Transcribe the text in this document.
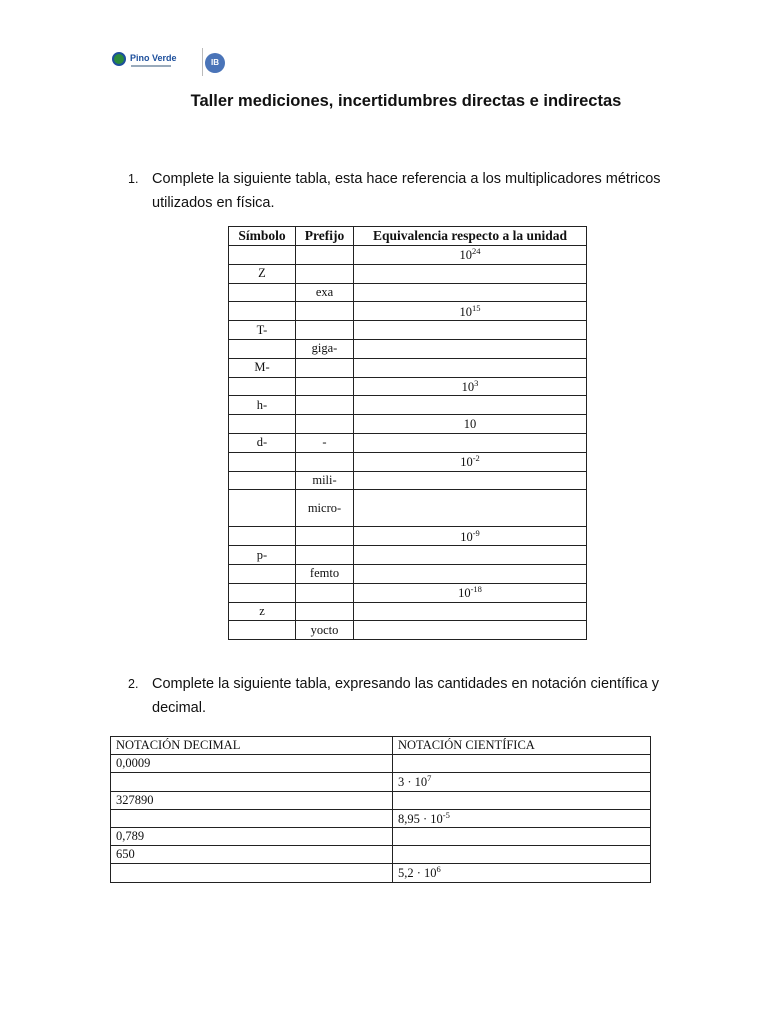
Pino Verde	IB
Taller mediciones, incertidumbres directas e indirectas
1. Complete la siguiente tabla, esta hace referencia a los multiplicadores métricos utilizados en física.
Símbolo	Prefijo	Equivalencia respecto a la unidad
		$10^{24}$
Z		
	exa	
		$10^{15}$
T-		
	giga-	
M-		
		$10^3$
h-		
		10
d-	-	
		$10^{-2}$
	mili-	
	micro-	
		$10^{-9}$
p-		
	femto	
		$10^{-18}$
z		
	yocto	
2. Complete la siguiente tabla, expresando las cantidades en notación científica y decimal.
NOTACIÓN DECIMAL	NOTACIÓN CIENTÍFICA
0,0009	
	$3 \cdot 10^7$
327890	
	$8,95 \cdot 10^{-5}$
0,789	
650	
	$5,2 \cdot 10^6$
